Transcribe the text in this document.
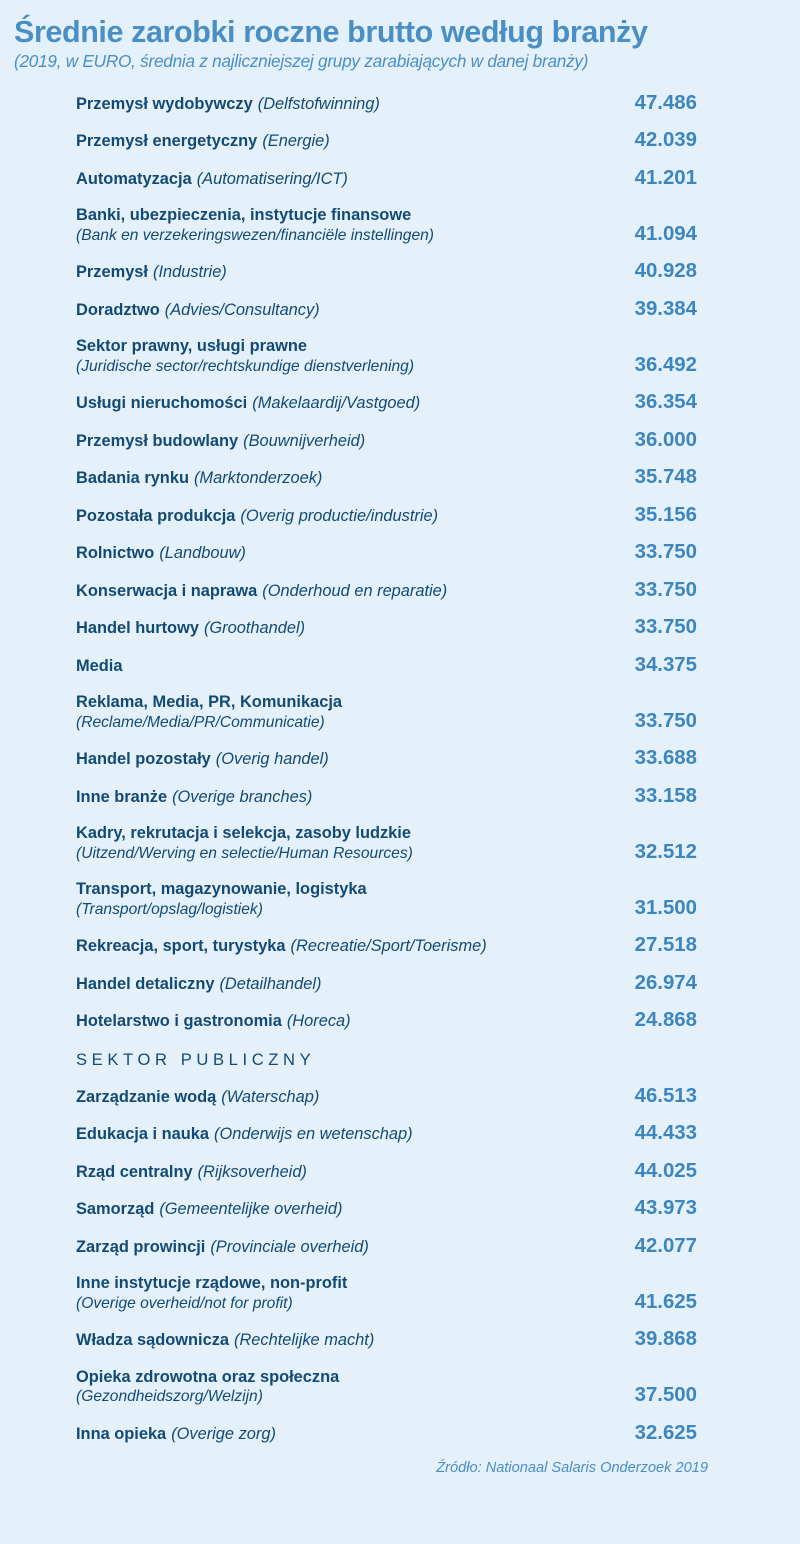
Średnie zarobki roczne brutto według branży
(2019, w EURO, średnia z najliczniejszej grupy zarabiających w danej branży)
Przemysł wydobywczy (Delfstofwinning)	47.486
Przemysł energetyczny (Energie)	42.039
Automatyzacja (Automatisering/ICT)	41.201
Banki, ubezpieczenia, instytucje finansowe
(Bank en verzekeringswezen/financiële instellingen)	41.094
Przemysł (Industrie)	40.928
Doradztwo (Advies/Consultancy)	39.384
Sektor prawny, usługi prawne
(Juridische sector/rechtskundige dienstverlening)	36.492
Usługi nieruchomości (Makelaardij/Vastgoed)	36.354
Przemysł budowlany (Bouwnijverheid)	36.000
Badania rynku (Marktonderzoek)	35.748
Pozostała produkcja (Overig productie/industrie)	35.156
Rolnictwo (Landbouw)	33.750
Konserwacja i naprawa (Onderhoud en reparatie)	33.750
Handel hurtowy (Groothandel)	33.750
Media	34.375
Reklama, Media, PR, Komunikacja
(Reclame/Media/PR/Communicatie)	33.750
Handel pozostały (Overig handel)	33.688
Inne branże (Overige branches)	33.158
Kadry, rekrutacja i selekcja, zasoby ludzkie
(Uitzend/Werving en selectie/Human Resources)	32.512
Transport, magazynowanie, logistyka
(Transport/opslag/logistiek)	31.500
Rekreacja, sport, turystyka (Recreatie/Sport/Toerisme)	27.518
Handel detaliczny (Detailhandel)	26.974
Hotelarstwo i gastronomia (Horeca)	24.868
SEKTOR PUBLICZNY
Zarządzanie wodą (Waterschap)	46.513
Edukacja i nauka (Onderwijs en wetenschap)	44.433
Rząd centralny (Rijksoverheid)	44.025
Samorząd (Gemeentelijke overheid)	43.973
Zarząd prowincji (Provinciale overheid)	42.077
Inne instytucje rządowe, non-profit
(Overige overheid/not for profit)	41.625
Władza sądownicza (Rechtelijke macht)	39.868
Opieka zdrowotna oraz społeczna
(Gezondheidszorg/Welzijn)	37.500
Inna opieka (Overige zorg)	32.625
Źródło: Nationaal Salaris Onderzoek 2019
